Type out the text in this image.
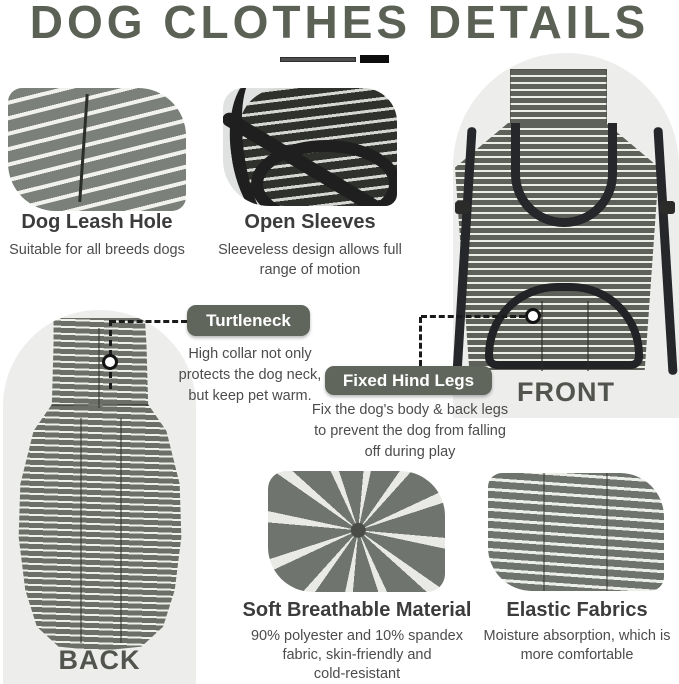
DOG CLOTHES DETAILS
Dog Leash Hole
Suitable for all breeds dogs
Open Sleeves
Sleeveless design allows full
range of motion
FRONT
BACK
Turtleneck
High collar not only
protects the dog neck,
but keep pet warm.
Fixed Hind Legs
Fix the dog's body & back legs
to prevent the dog from falling
off during play
Soft Breathable Material
90% polyester and 10% spandex
fabric, skin-friendly and
cold-resistant
Elastic Fabrics
Moisture absorption, which is
more comfortable
